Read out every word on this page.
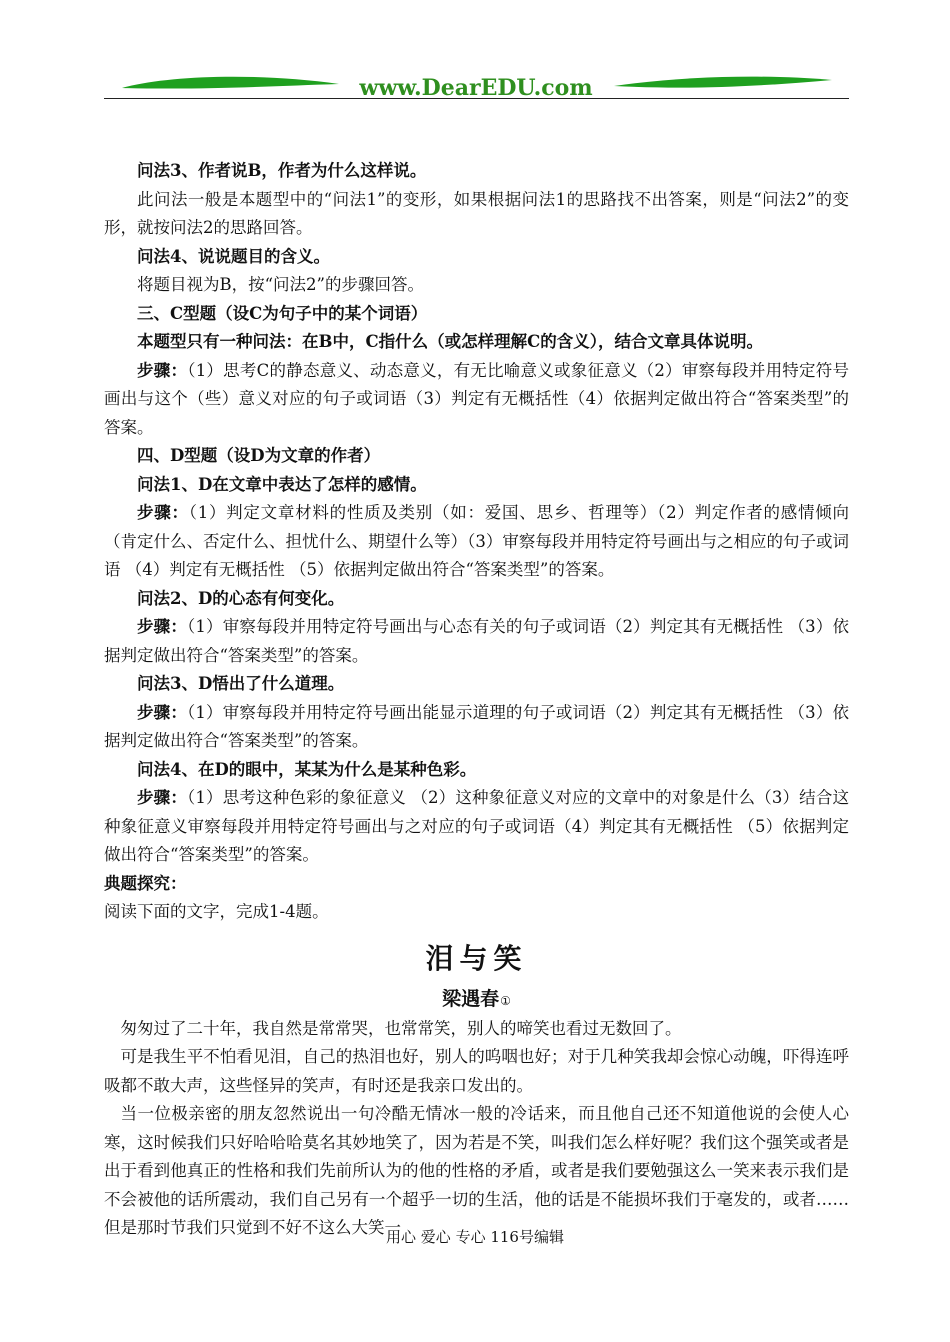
www.DearEDU.com

问法3、作者说B，作者为什么这样说。

此问法一般是本题型中的“问法1”的变形，如果根据问法1的思路找不出答案，则是“问法2”的变形，就按问法2的思路回答。

问法4、说说题目的含义。

将题目视为B，按“问法2”的步骤回答。

三、C型题（设C为句子中的某个词语）

本题型只有一种问法：在B中，C指什么（或怎样理解C的含义），结合文章具体说明。

步骤：（1）思考C的静态意义、动态意义，有无比喻意义或象征意义（2）审察每段并用特定符号画出与这个（些）意义对应的句子或词语（3）判定有无概括性（4）依据判定做出符合“答案类型”的答案。

四、D型题（设D为文章的作者）

问法1、D在文章中表达了怎样的感情。

步骤：（1）判定文章材料的性质及类别（如：爱国、思乡、哲理等）（2）判定作者的感情倾向（肯定什么、否定什么、担忧什么、期望什么等）（3）审察每段并用特定符号画出与之相应的句子或词语 （4）判定有无概括性 （5）依据判定做出符合“答案类型”的答案。

问法2、D的心态有何变化。

步骤：（1）审察每段并用特定符号画出与心态有关的句子或词语（2）判定其有无概括性 （3）依据判定做出符合“答案类型”的答案。

问法3、D悟出了什么道理。

步骤：（1）审察每段并用特定符号画出能显示道理的句子或词语（2）判定其有无概括性 （3）依据判定做出符合“答案类型”的答案。

问法4、在D的眼中，某某为什么是某种色彩。

步骤：（1）思考这种色彩的象征意义 （2）这种象征意义对应的文章中的对象是什么（3）结合这种象征意义审察每段并用特定符号画出与之对应的句子或词语（4）判定其有无概括性 （5）依据判定做出符合“答案类型”的答案。

典题探究：

阅读下面的文字，完成1-4题。

泪与笑

梁遇春①

匆匆过了二十年，我自然是常常哭，也常常笑，别人的啼笑也看过无数回了。

可是我生平不怕看见泪，自己的热泪也好，别人的呜咽也好；对于几种笑我却会惊心动魄，吓得连呼吸都不敢大声，这些怪异的笑声，有时还是我亲口发出的。

当一位极亲密的朋友忽然说出一句冷酷无情冰一般的冷话来，而且他自己还不知道他说的会使人心寒，这时候我们只好哈哈哈莫名其妙地笑了，因为若是不笑，叫我们怎么样好呢？我们这个强笑或者是出于看到他真正的性格和我们先前所认为的他的性格的矛盾，或者是我们要勉强这么一笑来表示我们是不会被他的话所震动，我们自己另有一个超乎一切的生活，他的话是不能损坏我们于毫发的，或者……但是那时节我们只觉到不好不这么大笑一

用心 爱心 专心 116号编辑
